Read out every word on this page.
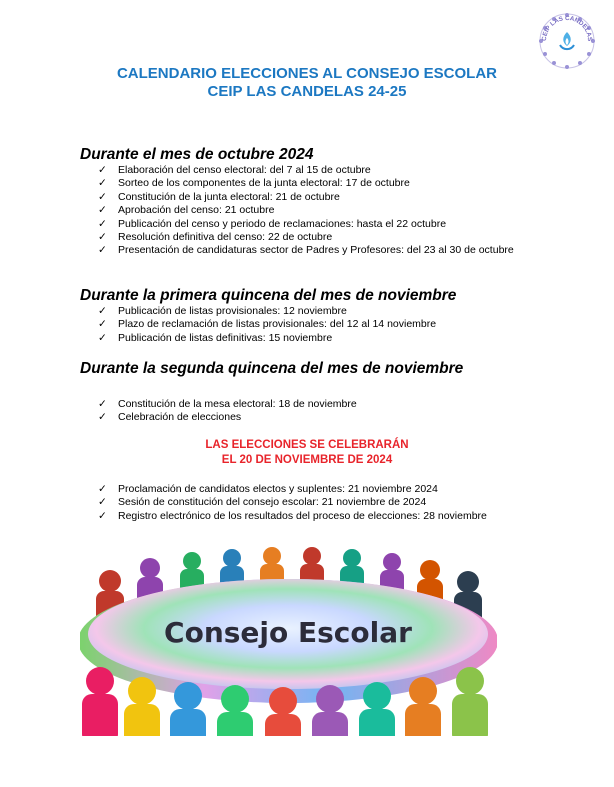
CEIP LAS CANDELAS
CALENDARIO ELECCIONES AL CONSEJO ESCOLAR
CEIP LAS CANDELAS 24-25
Durante el mes de octubre 2024
✓ Elaboración del censo electoral: del 7 al 15 de octubre
✓ Sorteo de los componentes de la junta electoral: 17 de octubre
✓ Constitución de la junta electoral: 21 de octubre
✓ Aprobación del censo: 21 octubre
✓ Publicación del censo y periodo de reclamaciones: hasta el 22 octubre
✓ Resolución definitiva del censo: 22 de octubre
✓ Presentación de candidaturas sector de Padres y Profesores: del 23 al 30 de octubre
Durante la primera quincena del mes de noviembre
✓ Publicación de listas provisionales: 12 noviembre
✓ Plazo de reclamación de listas provisionales: del 12 al 14 noviembre
✓ Publicación de listas definitivas: 15 noviembre
Durante la segunda quincena del mes de noviembre
✓ Constitución de la mesa electoral: 18 de noviembre
✓ Celebración de elecciones
LAS ELECCIONES SE CELEBRARÁN
EL 20 DE NOVIEMBRE DE 2024
✓ Proclamación de candidatos electos y suplentes: 21 noviembre 2024
✓ Sesión de constitución del consejo escolar: 21 noviembre de 2024
✓ Registro electrónico de los resultados del proceso de elecciones: 28 noviembre
Consejo Escolar
